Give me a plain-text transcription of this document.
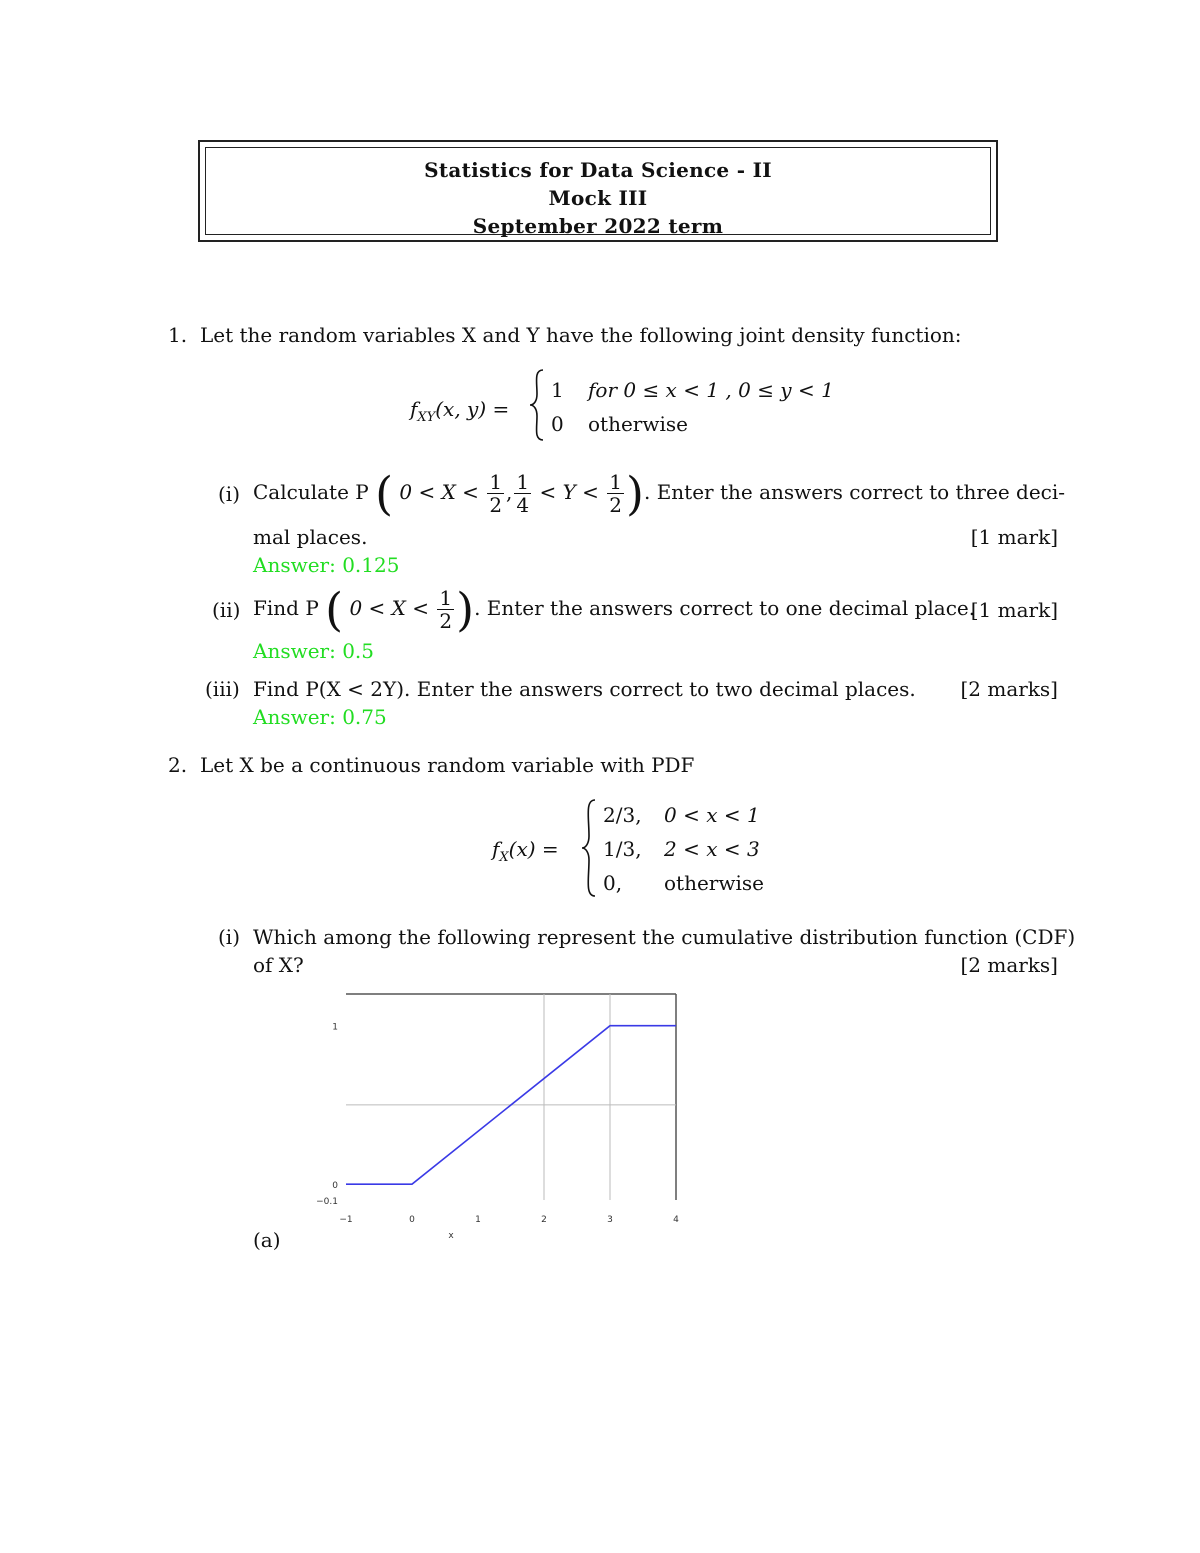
Statistics for Data Science - II
Mock III
September 2022 term
1. Let the random variables X and Y have the following joint density function:
$f_{XY}(x$, y) =
1 for 0 ≤ x < 1 , 0 ≤ y < 1
0 otherwise
(i) Calculate P ( $0 < X < \frac{1}{2}$ , $\frac{1}{4} < Y < \frac{1}{2}$ ). Enter the answers correct to three deci-
mal places.	[1 mark]
Answer: 0.125
(ii) Find P ( $0 < X < \frac{1}{2}$ ). Enter the answers correct to one decimal place.
[1 mark]
Answer: 0.5
(iii) Find P(X < 2Y). Enter the answers correct to two decimal places.	[2 marks]
Answer: 0.75
2. Let X be a continuous random variable with PDF
$f_X(x)$ =
2/3, 0 < x < 1
1/3, 2 < x < 3
0, otherwise
(i) Which among the following represent the cumulative distribution function (CDF)
of X?	[2 marks]
−1	0	1	2	3	4
−0.1
0
1
x
(a)
